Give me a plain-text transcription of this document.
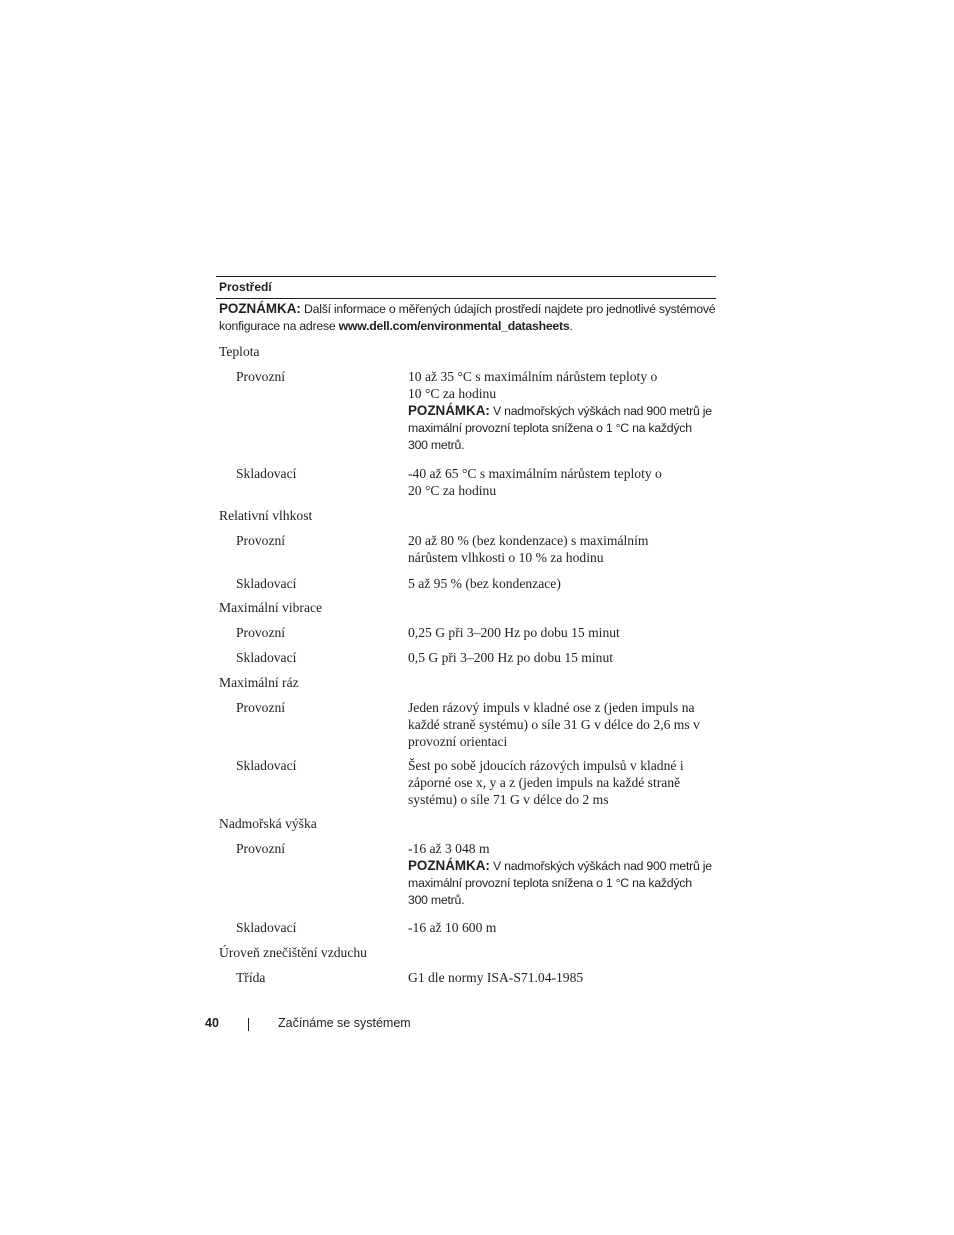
Prostředí
POZNÁMKA: Další informace o měřených údajích prostředí najdete pro jednotlivé systémové konfigurace na adrese www.dell.com/environmental_datasheets.
Teplota
Provozní	10 až 35 °C s maximálním nárůstem teploty o
10 °C za hodinu
POZNÁMKA: V nadmořských výškách nad 900 metrů je
maximální provozní teplota snížena o 1 °C na každých
300 metrů.
Skladovací	-40 až 65 °C s maximálním nárůstem teploty o
20 °C za hodinu
Relativní vlhkost
Provozní	20 až 80 % (bez kondenzace) s maximálním
nárůstem vlhkosti o 10 % za hodinu
Skladovací	5 až 95 % (bez kondenzace)
Maximální vibrace
Provozní	0,25 G při 3–200 Hz po dobu 15 minut
Skladovací	0,5 G při 3–200 Hz po dobu 15 minut
Maximální ráz
Provozní	Jeden rázový impuls v kladné ose z (jeden impuls na
každé straně systému) o síle 31 G v délce do 2,6 ms v
provozní orientaci
Skladovací	Šest po sobě jdoucích rázových impulsů v kladné i
záporné ose x, y a z (jeden impuls na každé straně
systému) o síle 71 G v délce do 2 ms
Nadmořská výška
Provozní	-16 až 3 048 m
POZNÁMKA: V nadmořských výškách nad 900 metrů je
maximální provozní teplota snížena o 1 °C na každých
300 metrů.
Skladovací	-16 až 10 600 m
Úroveň znečištění vzduchu
Třída	G1 dle normy ISA-S71.04-1985
40	Začínáme se systémem
